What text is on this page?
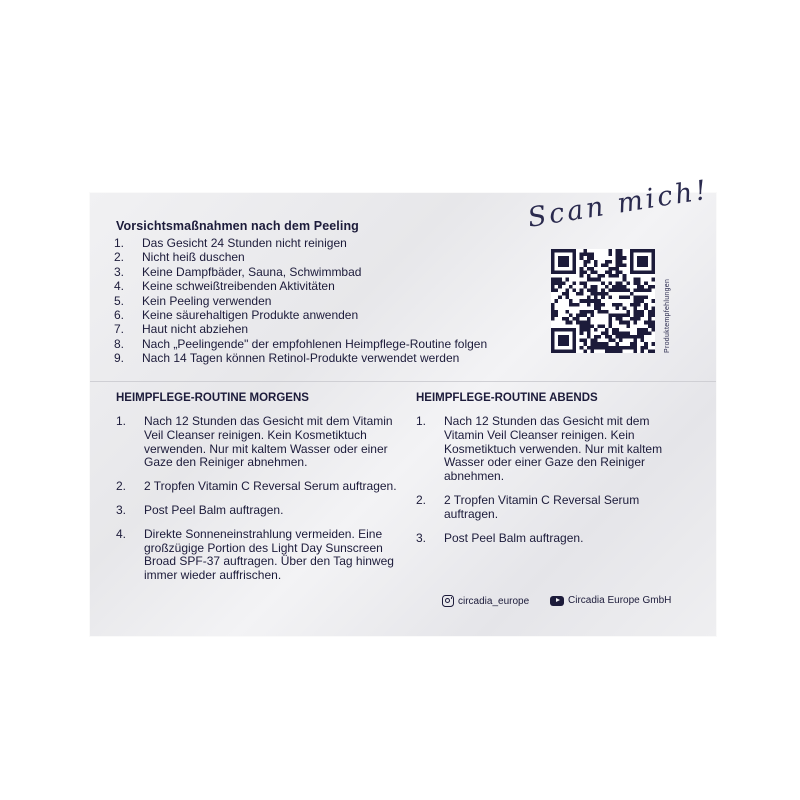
Vorsichtsmaßnahmen nach dem Peeling
1. Das Gesicht 24 Stunden nicht reinigen
2. Nicht heiß duschen
3. Keine Dampfbäder, Sauna, Schwimmbad
4. Keine schweißtreibenden Aktivitäten
5. Kein Peeling verwenden
6. Keine säurehaltigen Produkte anwenden
7. Haut nicht abziehen
8. Nach „Peelingende" der empfohlenen Heimpflege-Routine folgen
9. Nach 14 Tagen können Retinol-Produkte verwendet werden
Scan mich!
Produktempfehlungen
HEIMPFLEGE-ROUTINE MORGENS
1. Nach 12 Stunden das Gesicht mit dem Vitamin Veil Cleanser reinigen. Kein Kosmetiktuch verwenden. Nur mit kaltem Wasser oder einer Gaze den Reiniger abnehmen.
2. 2 Tropfen Vitamin C Reversal Serum auftragen.
3. Post Peel Balm auftragen.
4. Direkte Sonneneinstrahlung vermeiden. Eine großzügige Portion des Light Day Sunscreen Broad SPF-37 auftragen. Über den Tag hinweg immer wieder auffrischen.
HEIMPFLEGE-ROUTINE ABENDS
1. Nach 12 Stunden das Gesicht mit dem Vitamin Veil Cleanser reinigen. Kein Kosmetiktuch verwenden. Nur mit kaltem Wasser oder einer Gaze den Reiniger abnehmen.
2. 2 Tropfen Vitamin C Reversal Serum auftragen.
3. Post Peel Balm auftragen.
circadia_europe	Circadia Europe GmbH
